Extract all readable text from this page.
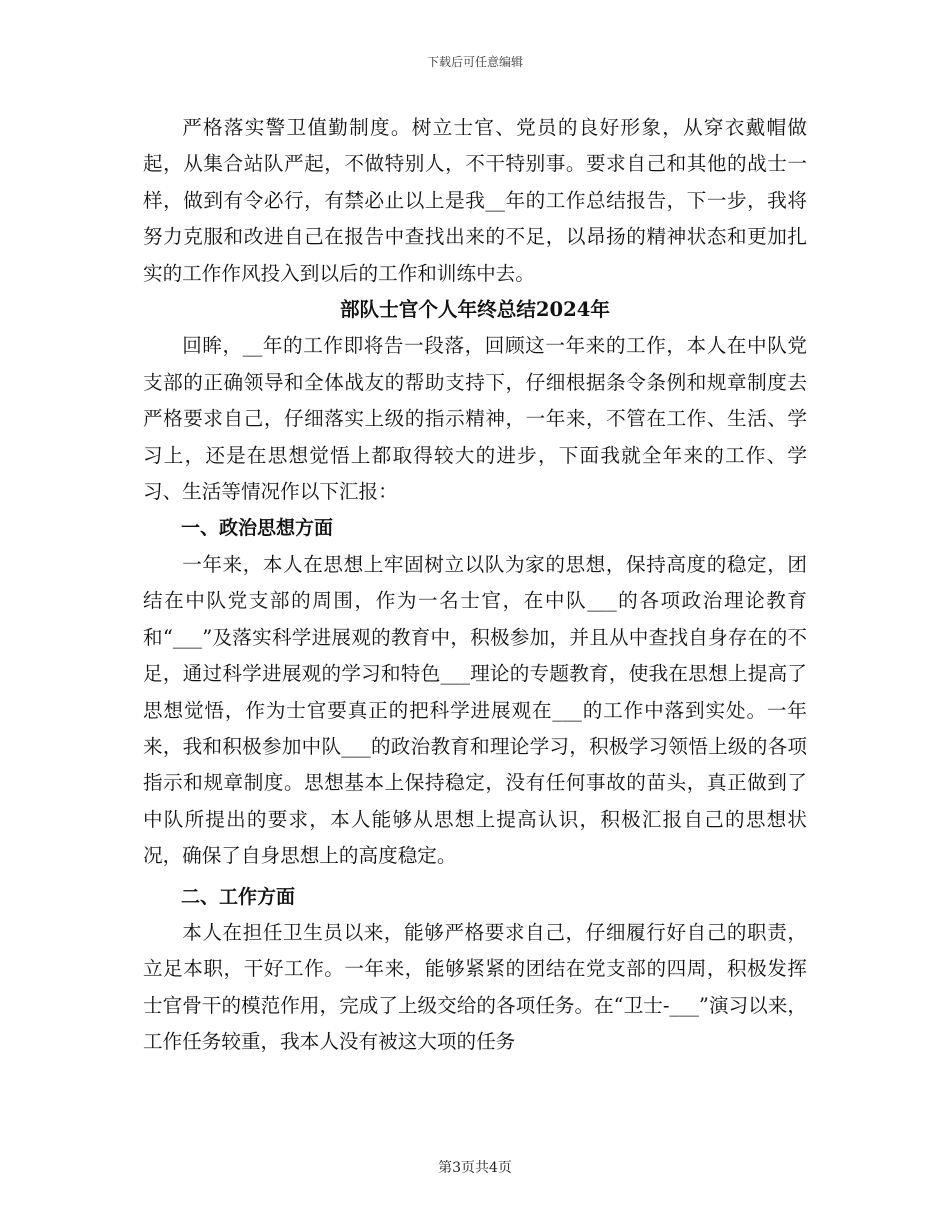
下载后可任意编辑

严格落实警卫值勤制度。树立士官、党员的良好形象，从穿衣戴帽做起，从集合站队严起，不做特别人，不干特别事。要求自己和其他的战士一样，做到有令必行，有禁必止以上是我__年的工作总结报告，下一步，我将努力克服和改进自己在报告中查找出来的不足，以昂扬的精神状态和更加扎实的工作作风投入到以后的工作和训练中去。

部队士官个人年终总结2024年

回眸，__年的工作即将告一段落，回顾这一年来的工作，本人在中队党支部的正确领导和全体战友的帮助支持下，仔细根据条令条例和规章制度去严格要求自己，仔细落实上级的指示精神，一年来，不管在工作、生活、学习上，还是在思想觉悟上都取得较大的进步，下面我就全年来的工作、学习、生活等情况作以下汇报：

一、政治思想方面

一年来，本人在思想上牢固树立以队为家的思想，保持高度的稳定，团结在中队党支部的周围，作为一名士官，在中队___的各项政治理论教育和“___”及落实科学进展观的教育中，积极参加，并且从中查找自身存在的不足，通过科学进展观的学习和特色___理论的专题教育，使我在思想上提高了思想觉悟，作为士官要真正的把科学进展观在___的工作中落到实处。一年来，我和积极参加中队___的政治教育和理论学习，积极学习领悟上级的各项指示和规章制度。思想基本上保持稳定，没有任何事故的苗头，真正做到了中队所提出的要求，本人能够从思想上提高认识，积极汇报自己的思想状况，确保了自身思想上的高度稳定。

二、工作方面

本人在担任卫生员以来，能够严格要求自己，仔细履行好自己的职责，立足本职，干好工作。一年来，能够紧紧的团结在党支部的四周，积极发挥士官骨干的模范作用，完成了上级交给的各项任务。在“卫士-___”演习以来，工作任务较重，我本人没有被这大项的任务

第3页共4页
